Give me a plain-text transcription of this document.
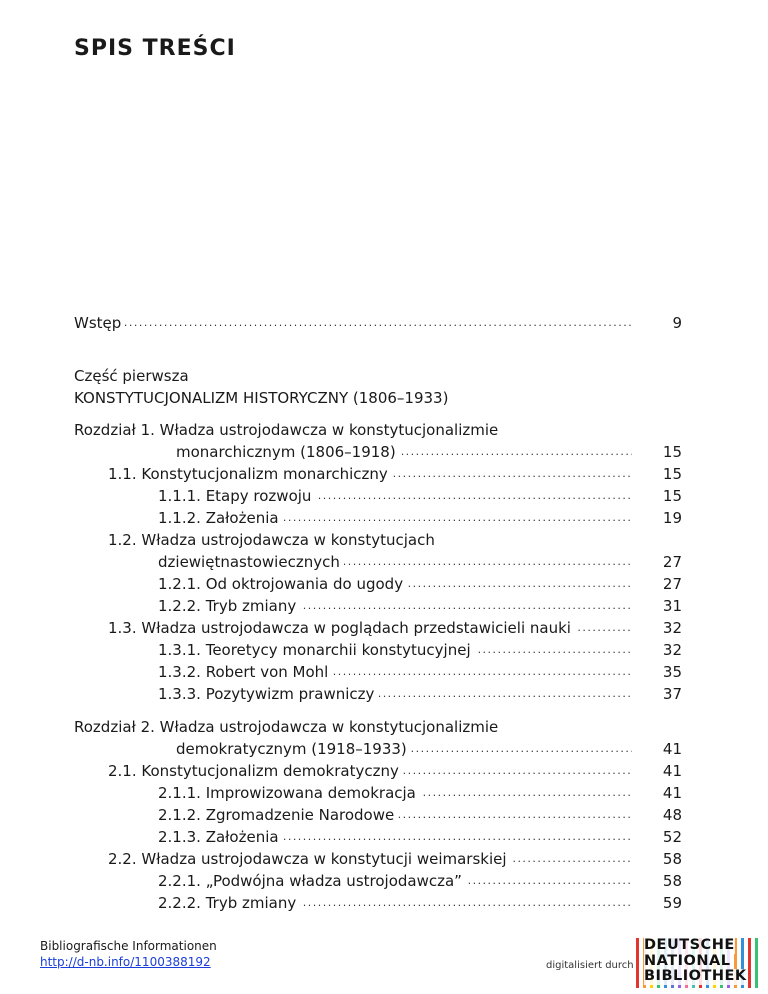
SPIS TREŚCI
Wstęp . . .	9
Część pierwsza
KONSTYTUCJONALIZM HISTORYCZNY (1806–1933)
Rozdział 1. Władza ustrojodawcza w konstytucjonalizmie
monarchicznym (1806–1918) . . .	15
1.1. Konstytucjonalizm monarchiczny . . .	15
1.1.1. Etapy rozwoju . . .	15
1.1.2. Założenia . . .	19
1.2. Władza ustrojodawcza w konstytucjach
dziewiętnastowiecznych . . .	27
1.2.1. Od oktrojowania do ugody . . .	27
1.2.2. Tryb zmiany . . .	31
1.3. Władza ustrojodawcza w poglądach przedstawicieli nauki . . .	32
1.3.1. Teoretycy monarchii konstytucyjnej . . .	32
1.3.2. Robert von Mohl . . .	35
1.3.3. Pozytywizm prawniczy . . .	37
Rozdział 2. Władza ustrojodawcza w konstytucjonalizmie
demokratycznym (1918–1933) . . .	41
2.1. Konstytucjonalizm demokratyczny . . .	41
2.1.1. Improwizowana demokracja . . .	41
2.1.2. Zgromadzenie Narodowe . . .	48
2.1.3. Założenia . . .	52
2.2. Władza ustrojodawcza w konstytucji weimarskiej . . .	58
2.2.1. „Podwójna władza ustrojodawcza” . . .	58
2.2.2. Tryb zmiany . . .	59
Bibliografische Informationen
http://d-nb.info/1100388192	digitalisiert durch
DEUTSCHE
NATIONAL
BIBLIOTHEK
